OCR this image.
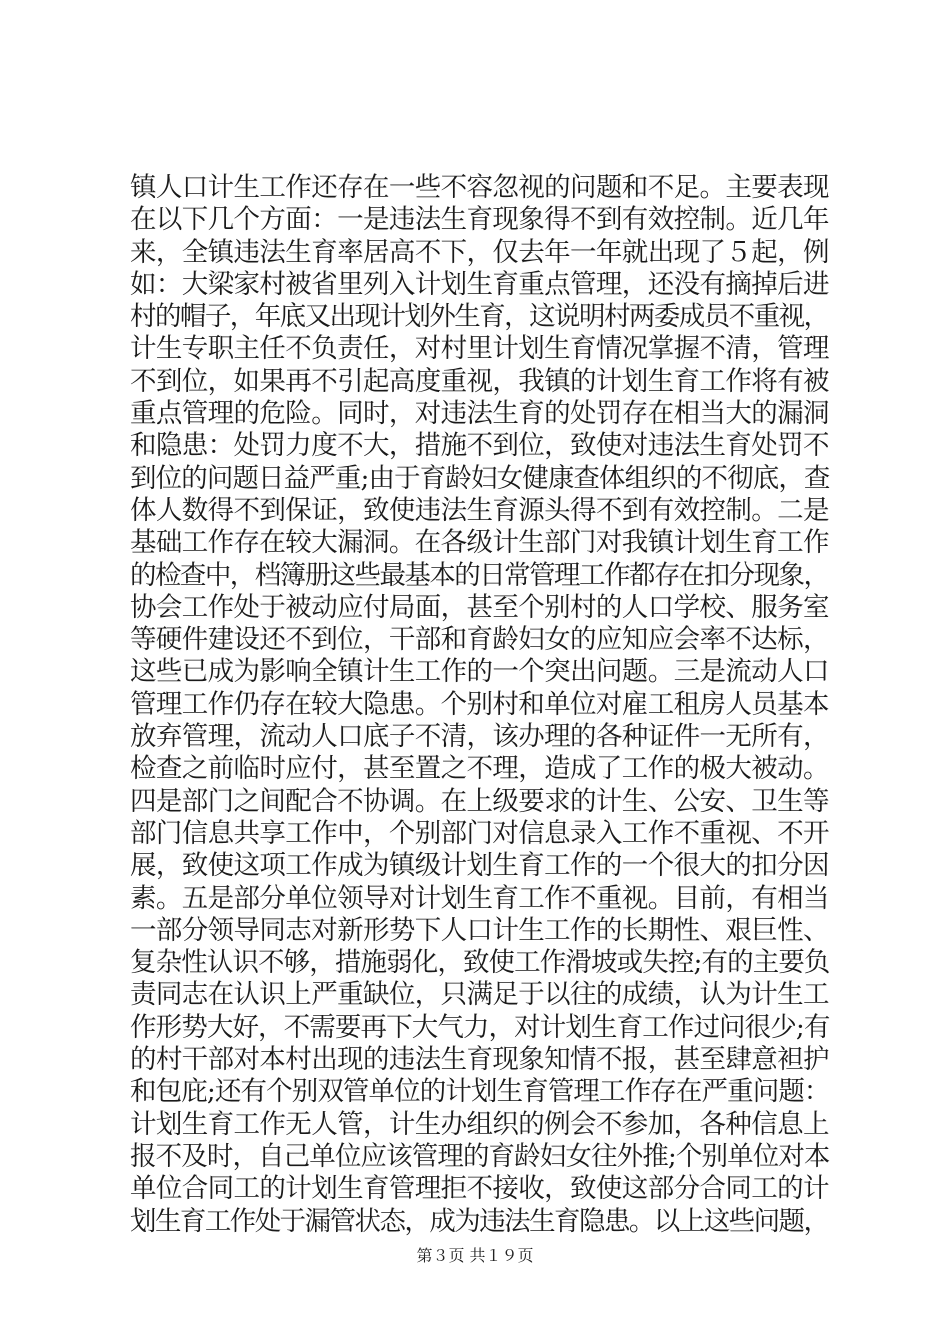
镇人口计生工作还存在一些不容忽视的问题和不足。主要表现
在以下几个方面：一是违法生育现象得不到有效控制。近几年
来，全镇违法生育率居高不下，仅去年一年就出现了５起，例
如：大梁家村被省里列入计划生育重点管理，还没有摘掉后进
村的帽子，年底又出现计划外生育，这说明村两委成员不重视，
计生专职主任不负责任，对村里计划生育情况掌握不清，管理
不到位，如果再不引起高度重视，我镇的计划生育工作将有被
重点管理的危险。同时，对违法生育的处罚存在相当大的漏洞
和隐患：处罚力度不大，措施不到位，致使对违法生育处罚不
到位的问题日益严重;由于育龄妇女健康查体组织的不彻底，查
体人数得不到保证，致使违法生育源头得不到有效控制。二是
基础工作存在较大漏洞。在各级计生部门对我镇计划生育工作
的检查中，档簿册这些最基本的日常管理工作都存在扣分现象，
协会工作处于被动应付局面，甚至个别村的人口学校、服务室
等硬件建设还不到位，干部和育龄妇女的应知应会率不达标，
这些已成为影响全镇计生工作的一个突出问题。三是流动人口
管理工作仍存在较大隐患。个别村和单位对雇工租房人员基本
放弃管理，流动人口底子不清，该办理的各种证件一无所有，
检查之前临时应付，甚至置之不理，造成了工作的极大被动。
四是部门之间配合不协调。在上级要求的计生、公安、卫生等
部门信息共享工作中，个别部门对信息录入工作不重视、不开
展，致使这项工作成为镇级计划生育工作的一个很大的扣分因
素。五是部分单位领导对计划生育工作不重视。目前，有相当
一部分领导同志对新形势下人口计生工作的长期性、艰巨性、
复杂性认识不够，措施弱化，致使工作滑坡或失控;有的主要负
责同志在认识上严重缺位，只满足于以往的成绩，认为计生工
作形势大好，不需要再下大气力，对计划生育工作过问很少;有
的村干部对本村出现的违法生育现象知情不报，甚至肆意袒护
和包庇;还有个别双管单位的计划生育管理工作存在严重问题：
计划生育工作无人管，计生办组织的例会不参加，各种信息上
报不及时，自己单位应该管理的育龄妇女往外推;个别单位对本
单位合同工的计划生育管理拒不接收，致使这部分合同工的计
划生育工作处于漏管状态，成为违法生育隐患。以上这些问题，
第３页 共１９页
